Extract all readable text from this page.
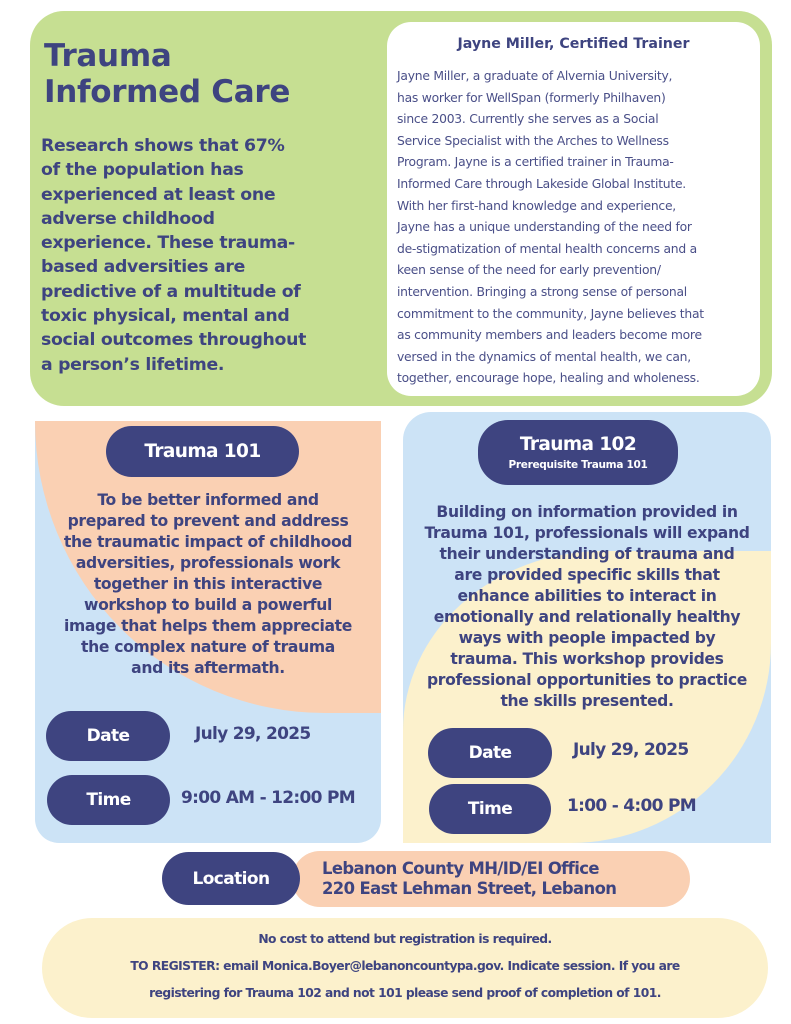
Trauma
Informed Care
Research shows that 67%
of the population has
experienced at least one
adverse childhood
experience. These trauma-
based adversities are
predictive of a multitude of
toxic physical, mental and
social outcomes throughout
a person’s lifetime.
Jayne Miller, Certified Trainer
Jayne Miller, a graduate of Alvernia University,
has worker for WellSpan (formerly Philhaven)
since 2003. Currently she serves as a Social
Service Specialist with the Arches to Wellness
Program. Jayne is a certified trainer in Trauma-
Informed Care through Lakeside Global Institute.
With her first-hand knowledge and experience,
Jayne has a unique understanding of the need for
de-stigmatization of mental health concerns and a
keen sense of the need for early prevention/
intervention. Bringing a strong sense of personal
commitment to the community, Jayne believes that
as community members and leaders become more
versed in the dynamics of mental health, we can,
together, encourage hope, healing and wholeness.
Trauma 101
To be better informed and
prepared to prevent and address
the traumatic impact of childhood
adversities, professionals work
together in this interactive
workshop to build a powerful
image that helps them appreciate
the complex nature of trauma
and its aftermath.
Date	July 29, 2025
Time	9:00 AM - 12:00 PM
Trauma 102
Prerequisite Trauma 101
Building on information provided in
Trauma 101, professionals will expand
their understanding of trauma and
are provided specific skills that
enhance abilities to interact in
emotionally and relationally healthy
ways with people impacted by
trauma. This workshop provides
professional opportunities to practice
the skills presented.
Date	July 29, 2025
Time	1:00 - 4:00 PM
Lebanon County MH/ID/EI Office
220 East Lehman Street, Lebanon
Location
No cost to attend but registration is required.
TO REGISTER: email Monica.Boyer@lebanoncountypa.gov. Indicate session. If you are
registering for Trauma 102 and not 101 please send proof of completion of 101.
